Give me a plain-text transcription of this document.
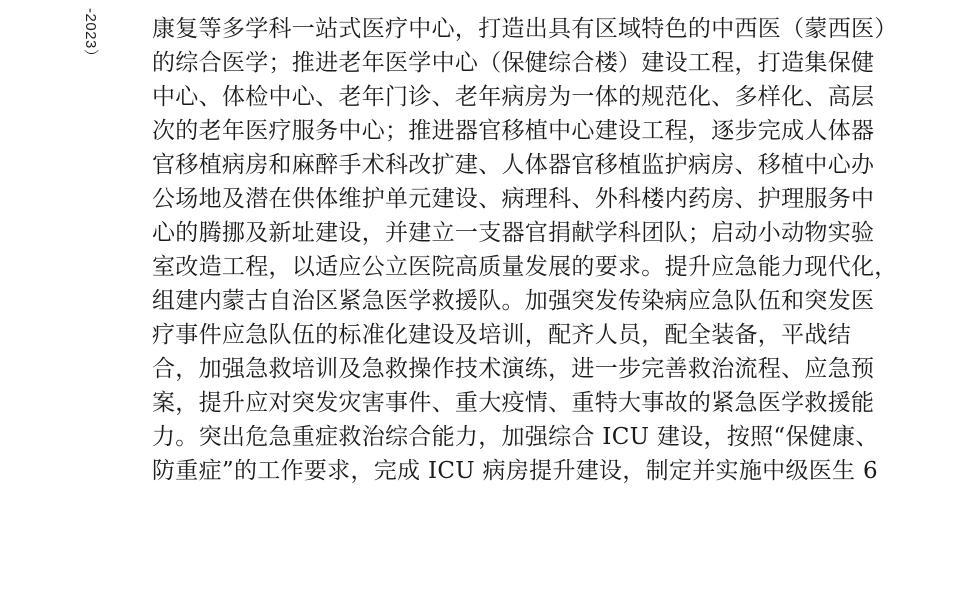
-2023） 康复等多学科一站式医疗中心，打造出具有区域特色的中西医（蒙西医）
的综合医学；推进老年医学中心（保健综合楼）建设工程，打造集保健
中心、体检中心、老年门诊、老年病房为一体的规范化、多样化、高层
次的老年医疗服务中心；推进器官移植中心建设工程，逐步完成人体器
官移植病房和麻醉手术科改扩建、人体器官移植监护病房、移植中心办
公场地及潜在供体维护单元建设、病理科、外科楼内药房、护理服务中
心的腾挪及新址建设，并建立一支器官捐献学科团队；启动小动物实验
室改造工程，以适应公立医院高质量发展的要求。提升应急能力现代化，
组建内蒙古自治区紧急医学救援队。加强突发传染病应急队伍和突发医
疗事件应急队伍的标准化建设及培训，配齐人员，配全装备，平战结
合，加强急救培训及急救操作技术演练，进一步完善救治流程、应急预
案，提升应对突发灾害事件、重大疫情、重特大事故的紧急医学救援能
力。突出危急重症救治综合能力，加强综合 ICU 建设，按照“保健康、
防重症”的工作要求，完成 ICU 病房提升建设，制定并实施中级医生 6
